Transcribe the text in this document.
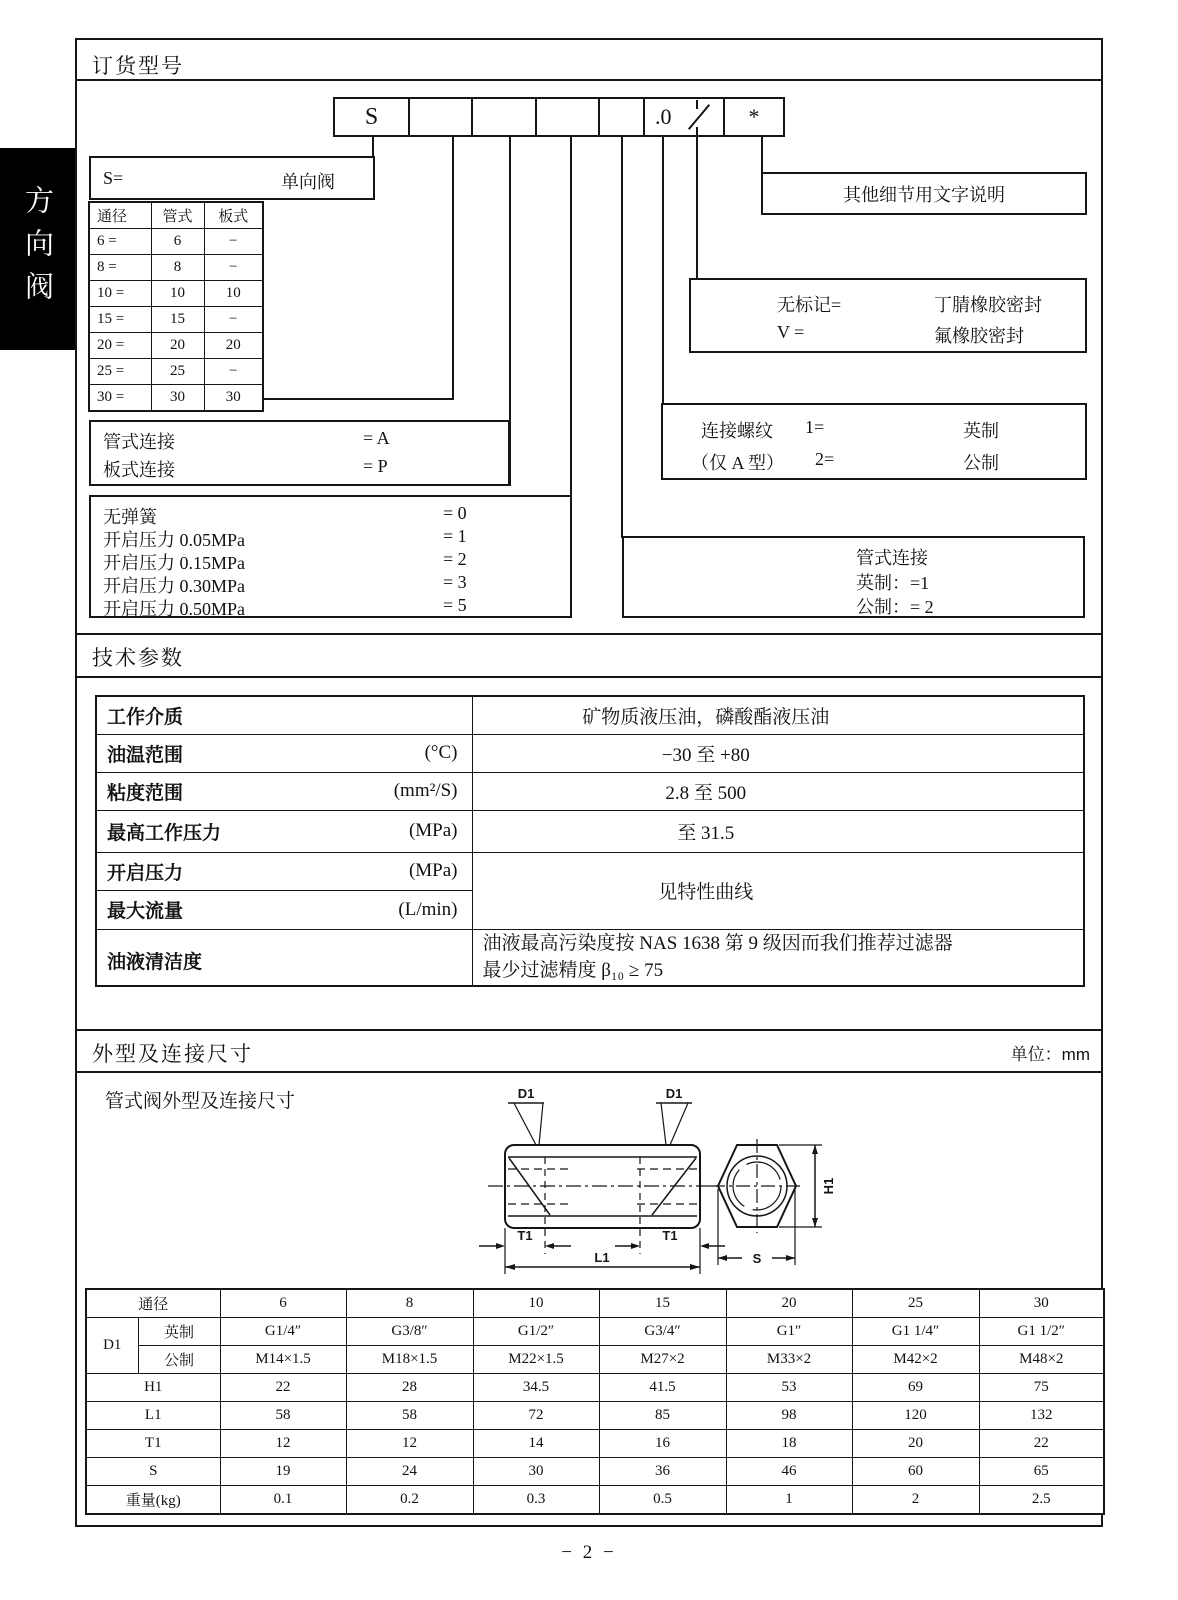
方向阀
订货型号
技术参数
外型及连接尺寸	单位：mm
S	.0	*
S=	单向阀
通径	管式	板式
6 =	6	−
8 =	8	−
10 =	10	10
15 =	15	−
20 =	20	20
25 =	25	−
30 =	30	30
管式连接	= A
板式连接	= P
无弹簧	= 0
开启压力 0.05MPa	= 1
开启压力 0.15MPa	= 2
开启压力 0.30MPa	= 3
开启压力 0.50MPa	= 5
其他细节用文字说明
无标记=	丁腈橡胶密封
V =	氟橡胶密封
连接螺纹 1=	英制
（仅 A 型） 2=	公制
管式连接
英制：=1
公制：= 2
工作介质	矿物质液压油，磷酸酯液压油

油温范围 (°C)	−30 至 +80

粘度范围 (mm²/S)	2.8 至 500

最高工作压力 (MPa)	至 31.5

开启压力 (MPa)	见特性曲线

最大流量 (L/min)	

油液清洁度	油液最高污染度按 NAS 1638 第 9 级因而我们推荐过滤器
最少过滤精度 β₁₀ ≥ 75
管式阀外型及连接尺寸	D1	D1
T1	T1
L1
H1
S
通径		6	8	10	15	20	25	30
D1	英制	G1/4″	G3/8″	G1/2″	G3/4″	G1″	G1 1/4″	G1 1/2″
	公制	M14×1.5	M18×1.5	M22×1.5	M27×2	M33×2	M42×2	M48×2
H1		22	28	34.5	41.5	53	69	75
L1		58	58	72	85	98	120	132
T1		12	12	14	16	18	20	22
S		19	24	30	36	46	60	65
重量(kg)		0.1	0.2	0.3	0.5	1	2	2.5
− 2 −
